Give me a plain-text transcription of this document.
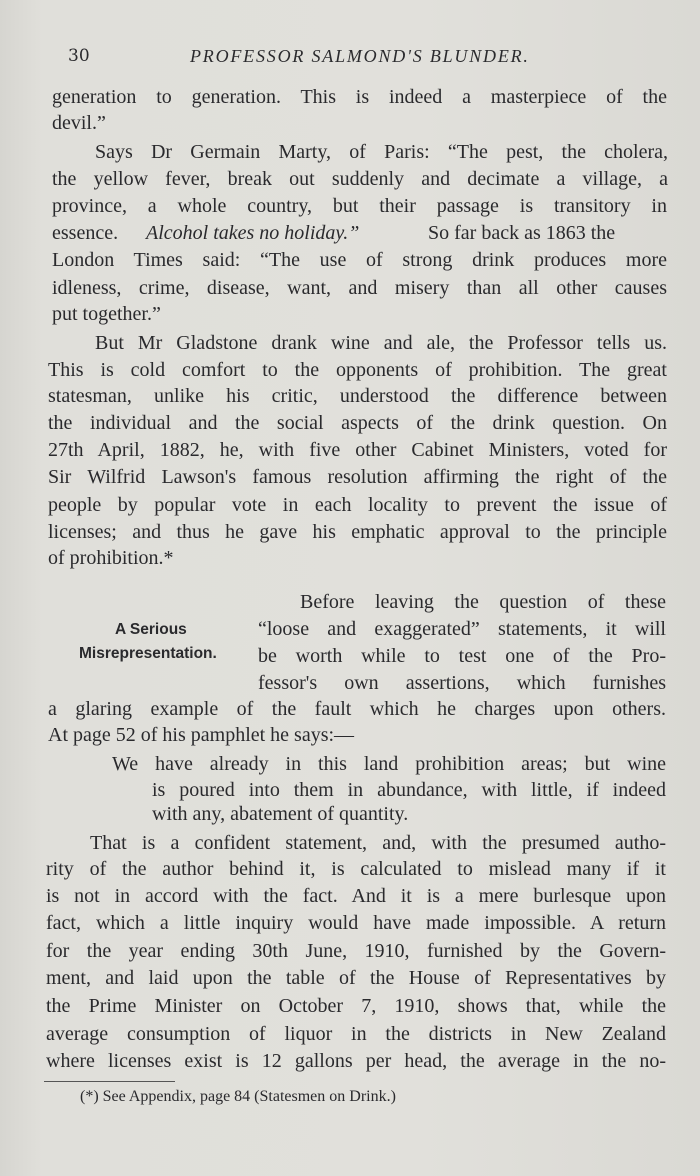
30	PROFESSOR SALMOND'S BLUNDER.
generation to generation. This is indeed a masterpiece of the
devil.”
Says Dr Germain Marty, of Paris: “The pest, the cholera,
the yellow fever, break out suddenly and decimate a village, a
province, a whole country, but their passage is transitory in
essence. Alcohol takes no holiday.”	So far back as 1863 the
London Times said: “The use of strong drink produces more
idleness, crime, disease, want, and misery than all other causes
put together.”
But Mr Gladstone drank wine and ale, the Professor tells us.
This is cold comfort to the opponents of prohibition. The great
statesman, unlike his critic, understood the difference between
the individual and the social aspects of the drink question. On
27th April, 1882, he, with five other Cabinet Ministers, voted for
Sir Wilfrid Lawson's famous resolution affirming the right of the
people by popular vote in each locality to prevent the issue of
licenses; and thus he gave his emphatic approval to the principle
of prohibition.*
Before leaving the question of these
“loose and exaggerated” statements, it will
be worth while to test one of the Pro-
fessor's own assertions, which furnishes
a glaring example of the fault which he charges upon others.
At page 52 of his pamphlet he says:—
We have already in this land prohibition areas; but wine
is poured into them in abundance, with little, if indeed
with any, abatement of quantity.
That is a confident statement, and, with the presumed autho-
rity of the author behind it, is calculated to mislead many if it
is not in accord with the fact. And it is a mere burlesque upon
fact, which a little inquiry would have made impossible. A return
for the year ending 30th June, 1910, furnished by the Govern-
ment, and laid upon the table of the House of Representatives by
the Prime Minister on October 7, 1910, shows that, while the
average consumption of liquor in the districts in New Zealand
where licenses exist is 12 gallons per head, the average in the no-
A Serious
Misrepresentation.
(*) See Appendix, page 84 (Statesmen on Drink.)
